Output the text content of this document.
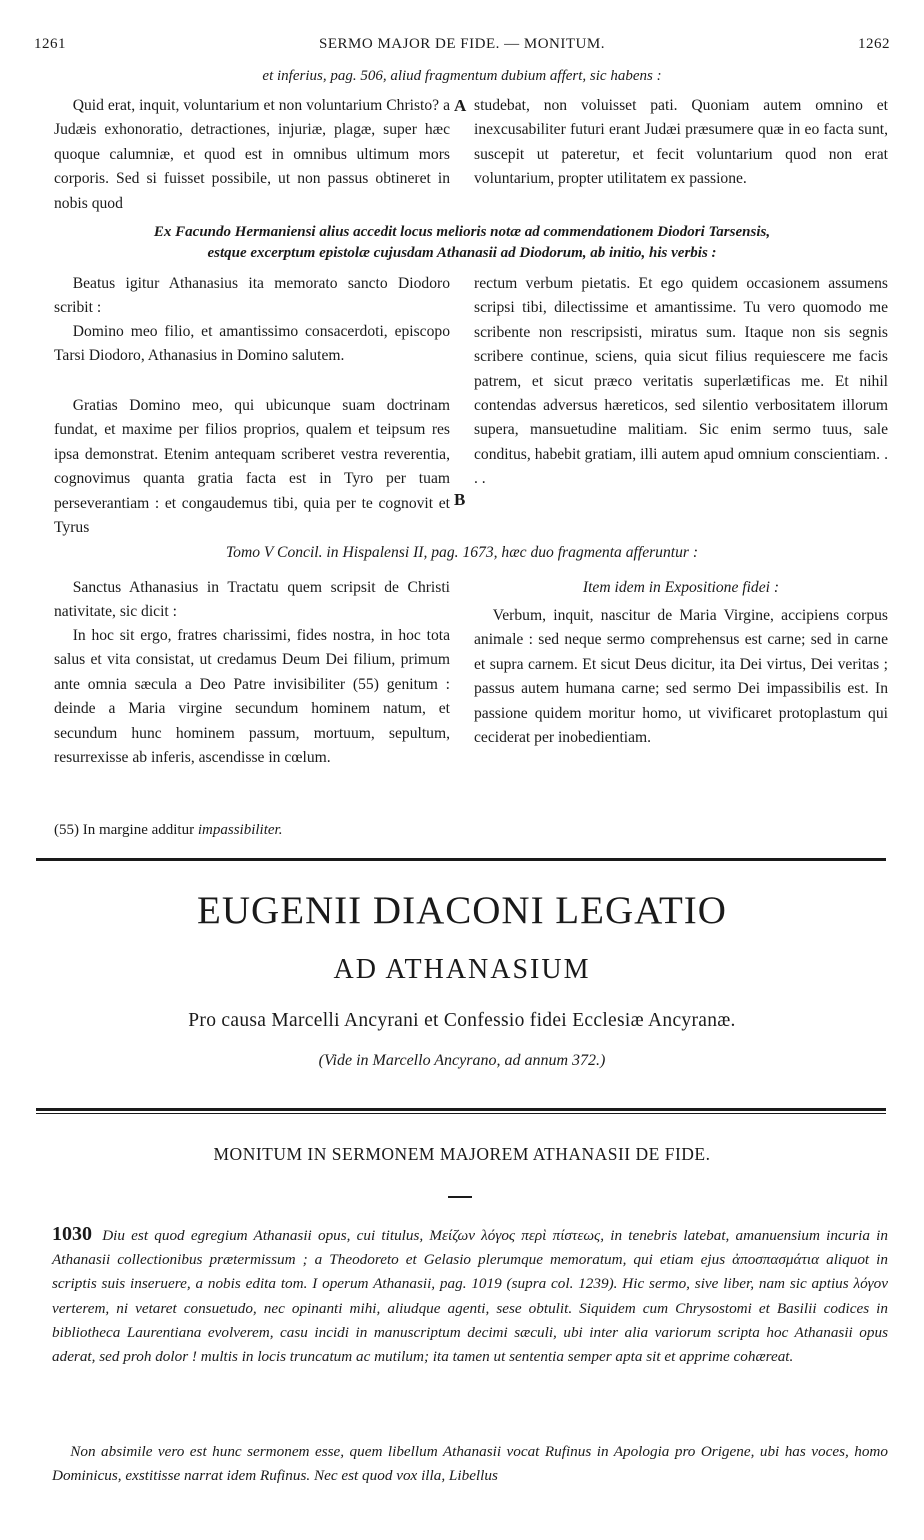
1261	SERMO MAJOR DE FIDE. — MONITUM.	1262

et inferius, pag. 506, aliud fragmentum dubium affert, sic habens :

Quid erat, inquit, voluntarium et non voluntarium Christo? a Judæis exhonoratio, detractiones, injuriæ, plagæ, super hæc quoque calumniæ, et quod est in omnibus ultimum mors corporis. Sed si fuisset possibile, ut non passus obtineret in nobis quod

A studebat, non voluisset pati. Quoniam autem omnino et inexcusabiliter futuri erant Judæi præsumere quæ in eo facta sunt, suscepit ut pateretur, et fecit voluntarium quod non erat voluntarium, propter utilitatem ex passione.

Ex Facundo Hermaniensi alius accedit locus melioris notæ ad commendationem Diodori Tarsensis,

estque excerptum epistolæ cujusdam Athanasii ad Diodorum, ab initio, his verbis :

Beatus igitur Athanasius ita memorato sancto Diodoro scribit :

Domino meo filio, et amantissimo consacerdoti, episcopo Tarsi Diodoro, Athanasius in Domino salutem.

Gratias Domino meo, qui ubicunque suam doctrinam fundat, et maxime per filios proprios, qualem et teipsum res ipsa demonstrat. Etenim antequam scriberet vestra reverentia, cognovimus quanta gratia facta est in Tyro per tuam perseverantiam : et congaudemus tibi, quia per te cognovit et Tyrus

B

rectum verbum pietatis. Et ego quidem occasionem assumens scripsi tibi, dilectissime et amantissime. Tu vero quomodo me scribente non rescripsisti, miratus sum. Itaque non sis segnis scribere continue, sciens, quia sicut filius requiescere me facis patrem, et sicut præco veritatis superlætificas me. Et nihil contendas adversus hæreticos, sed silentio verbositatem illorum supera, mansuetudine malitiam. Sic enim sermo tuus, sale conditus, habebit gratiam, illi autem apud omnium conscientiam. . . .

Tomo V Concil. in Hispalensi II, pag. 1673, hæc duo fragmenta afferuntur :

Sanctus Athanasius in Tractatu quem scripsit de Christi nativitate, sic dicit :

In hoc sit ergo, fratres charissimi, fides nostra, in hoc tota salus et vita consistat, ut credamus Deum Dei filium, primum ante omnia sæcula a Deo Patre invisibiliter (55) genitum : deinde a Maria virgine secundum hominem natum, et secundum hunc hominem passum, mortuum, sepultum, resurrexisse ab inferis, ascendisse in cœlum.

Item idem in Expositione fidei :

Verbum, inquit, nascitur de Maria Virgine, accipiens corpus animale : sed neque sermo comprehensus est carne; sed in carne et supra carnem. Et sicut Deus dicitur, ita Dei virtus, Dei veritas ; passus autem humana carne; sed sermo Dei impassibilis est. In passione quidem moritur homo, ut vivificaret protoplastum qui ceciderat per inobedientiam.

(55) In margine additur impassibiliter.

EUGENII DIACONI LEGATIO

AD ATHANASIUM

Pro causa Marcelli Ancyrani et Confessio fidei Ecclesiæ Ancyranæ.

(Vide in Marcello Ancyrano, ad annum 372.)

MONITUM IN SERMONEM MAJOREM ATHANASII DE FIDE.

1030 Diu est quod egregium Athanasii opus, cui titulus, Μείζων λόγος περὶ πίστεως, in tenebris latebat, amanuensium incuria in Athanasii collectionibus prætermissum ; a Theodoreto et Gelasio plerumque memoratum, qui etiam ejus ἀποσπασμάτια aliquot in scriptis suis inseruere, a nobis edita tom. I operum Athanasii, pag. 1019 (supra col. 1239). Hic sermo, sive liber, nam sic aptius λόγον verterem, ni vetaret consuetudo, nec opinanti mihi, aliudque agenti, sese obtulit. Siquidem cum Chrysostomi et Basilii codices in bibliotheca Laurentiana evolverem, casu incidi in manuscriptum decimi sæculi, ubi inter alia variorum scripta hoc Athanasii opus aderat, sed proh dolor ! multis in locis truncatum ac mutilum; ita tamen ut sententia semper apta sit et apprime cohæreat.

Non absimile vero est hunc sermonem esse, quem libellum Athanasii vocat Rufinus in Apologia pro Origene, ubi has voces, homo Dominicus, exstitisse narrat idem Rufinus. Nec est quod vox illa, Libellus
